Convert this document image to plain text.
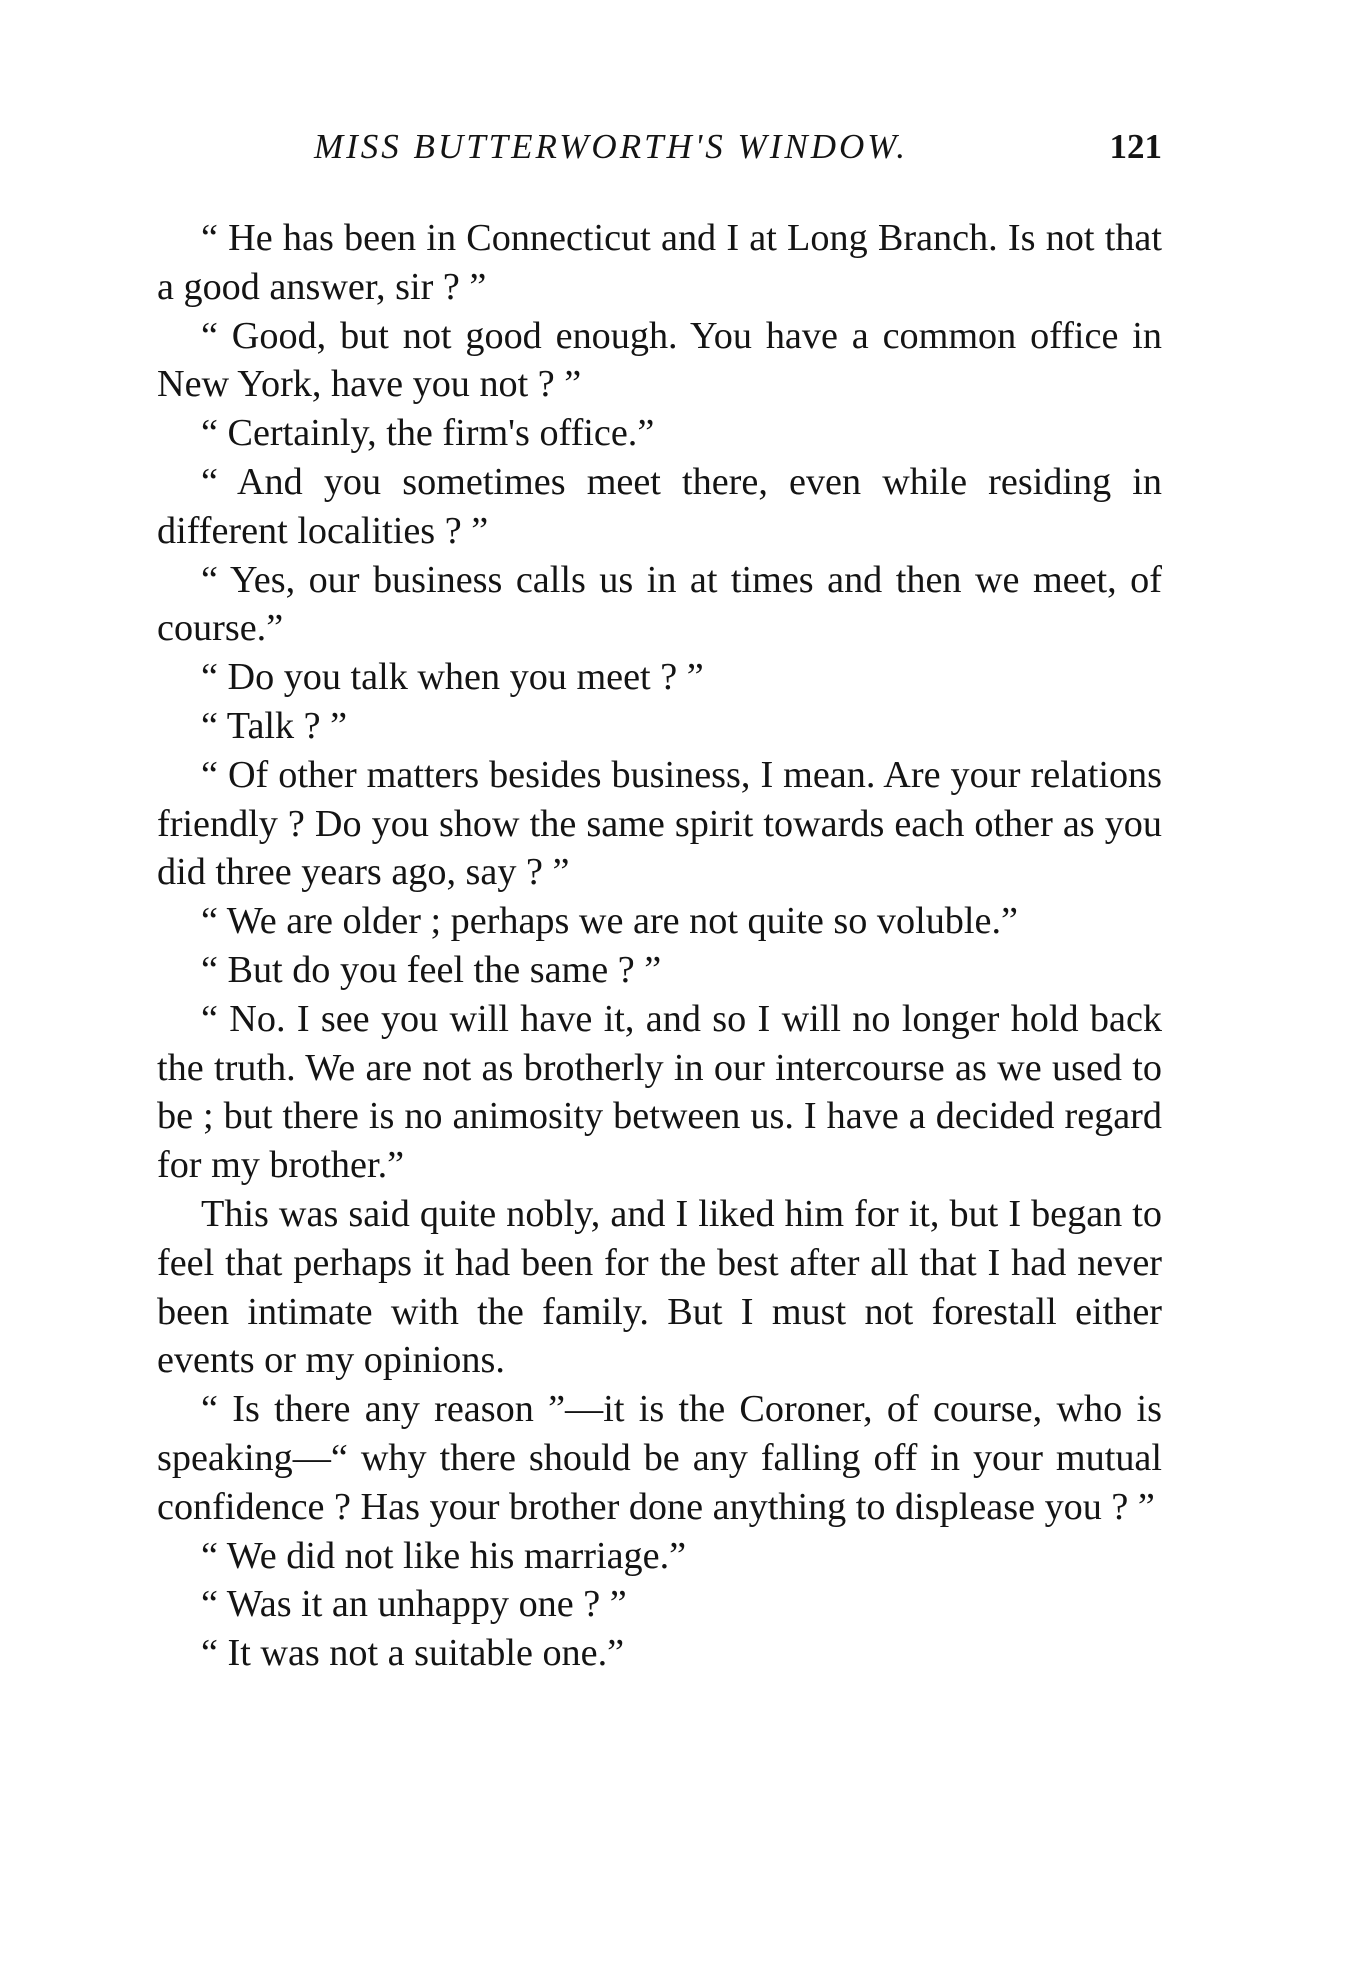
MISS BUTTERWORTH'S WINDOW.	121

“ He has been in Connecticut and I at Long Branch. Is not that a good answer, sir ? ”

“ Good, but not good enough. You have a common office in New York, have you not ? ”

“ Certainly, the firm's office.”

“ And you sometimes meet there, even while residing in different localities ? ”

“ Yes, our business calls us in at times and then we meet, of course.”

“ Do you talk when you meet ? ”

“ Talk ? ”

“ Of other matters besides business, I mean. Are your relations friendly ? Do you show the same spirit towards each other as you did three years ago, say ? ”

“ We are older ; perhaps we are not quite so voluble.”

“ But do you feel the same ? ”

“ No. I see you will have it, and so I will no longer hold back the truth. We are not as brotherly in our intercourse as we used to be ; but there is no animosity between us. I have a decided regard for my brother.”

This was said quite nobly, and I liked him for it, but I began to feel that perhaps it had been for the best after all that I had never been intimate with the family. But I must not forestall either events or my opinions.

“ Is there any reason ”—it is the Coroner, of course, who is speaking—“ why there should be any falling off in your mutual confidence ? Has your brother done anything to displease you ? ”

“ We did not like his marriage.”

“ Was it an unhappy one ? ”

“ It was not a suitable one.”
